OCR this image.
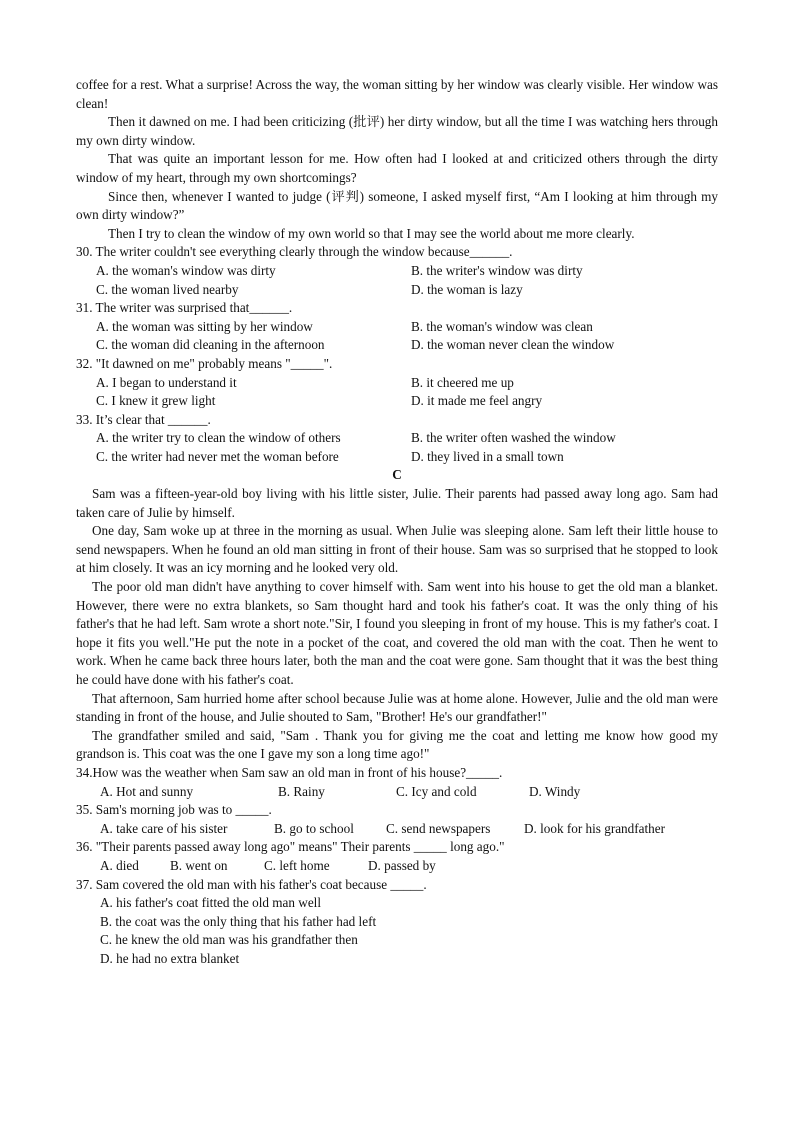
coffee for a rest. What a surprise! Across the way, the woman sitting by her window was clearly visible. Her window was clean!

Then it dawned on me. I had been criticizing (批评) her dirty window, but all the time I was watching hers through my own dirty window.

That was quite an important lesson for me. How often had I looked at and criticized others through the dirty window of my heart, through my own shortcomings?

Since then, whenever I wanted to judge (评判) someone, I asked myself first, “Am I looking at him through my own dirty window?”

Then I try to clean the window of my own world so that I may see the world about me more clearly.

30. The writer couldn't see everything clearly through the window because______.
A. the woman's window was dirty	B. the writer's window was dirty
C. the woman lived nearby	D. the woman is lazy
31. The writer was surprised that______.
A. the woman was sitting by her window	B. the woman's window was clean
C. the woman did cleaning in the afternoon	D. the woman never clean the window
32. "It dawned on me" probably means "_____".
A. I began to understand it	B. it cheered me up
C. I knew it grew light	D. it made me feel angry
33. It’s clear that ______.
A. the writer try to clean the window of others	B. the writer often washed the window
C. the writer had never met the woman before	D. they lived in a small town
C

Sam was a fifteen-year-old boy living with his little sister, Julie. Their parents had passed away long ago. Sam had taken care of Julie by himself.

One day, Sam woke up at three in the morning as usual. When Julie was sleeping alone. Sam left their little house to send newspapers. When he found an old man sitting in front of their house. Sam was so surprised that he stopped to look at him closely. It was an icy morning and he looked very old.

The poor old man didn't have anything to cover himself with. Sam went into his house to get the old man a blanket. However, there were no extra blankets, so Sam thought hard and took his father's coat. It was the only thing of his father's that he had left. Sam wrote a short note."Sir, I found you sleeping in front of my house. This is my father's coat. I hope it fits you well."He put the note in a pocket of the coat, and covered the old man with the coat. Then he went to work. When he came back three hours later, both the man and the coat were gone. Sam thought that it was the best thing he could have done with his father's coat.

That afternoon, Sam hurried home after school because Julie was at home alone. However, Julie and the old man were standing in front of the house, and Julie shouted to Sam, "Brother! He's our grandfather!"

The grandfather smiled and said, "Sam . Thank you for giving me the coat and letting me know how good my grandson is. This coat was the one I gave my son a long time ago!"

34.How was the weather when Sam saw an old man in front of his house?_____.
A. Hot and sunny	B. Rainy	C. Icy and cold	D. Windy
35. Sam's morning job was to _____.
A. take care of his sister	B. go to school C. send newspapers	D. look for his grandfather
36. "Their parents passed away long ago" means" Their parents _____ long ago."
A. died B. went on	C. left home	D. passed by
37. Sam covered the old man with his father's coat because _____.
A. his father's coat fitted the old man well
B. the coat was the only thing that his father had left
C. he knew the old man was his grandfather then
D. he had no extra blanket
